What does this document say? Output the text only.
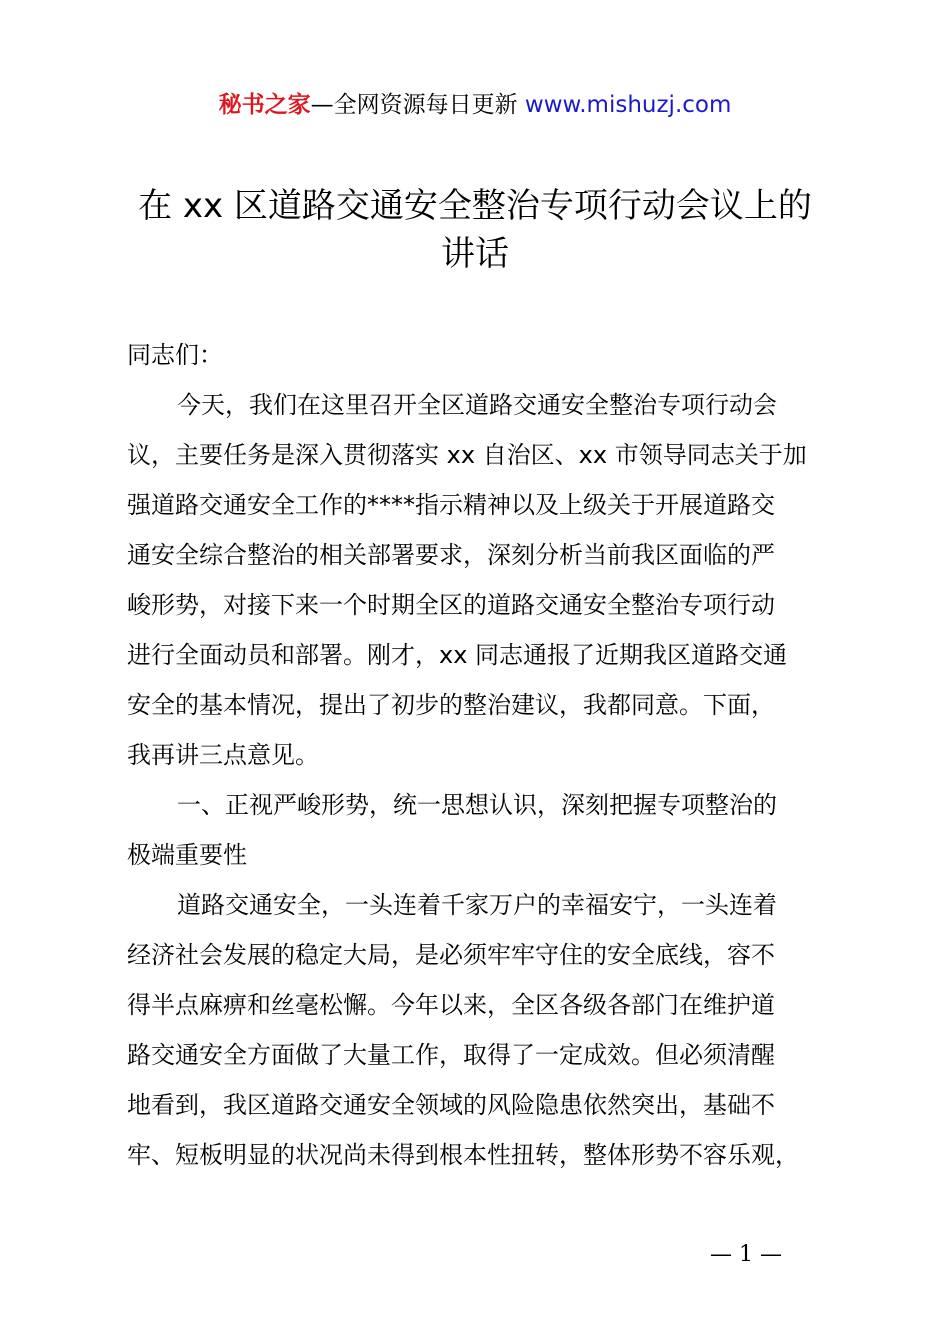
秘书之家—全网资源每日更新 www.mishuzj.com
在 xx 区道路交通安全整治专项行动会议上的
讲话
同志们：
今天，我们在这里召开全区道路交通安全整治专项行动会
议，主要任务是深入贯彻落实 xx 自治区、xx 市领导同志关于加
强道路交通安全工作的****指示精神以及上级关于开展道路交
通安全综合整治的相关部署要求，深刻分析当前我区面临的严
峻形势，对接下来一个时期全区的道路交通安全整治专项行动
进行全面动员和部署。刚才，xx 同志通报了近期我区道路交通
安全的基本情况，提出了初步的整治建议，我都同意。下面，
我再讲三点意见。
一、正视严峻形势，统一思想认识，深刻把握专项整治的
极端重要性
道路交通安全，一头连着千家万户的幸福安宁，一头连着
经济社会发展的稳定大局，是必须牢牢守住的安全底线，容不
得半点麻痹和丝毫松懈。今年以来，全区各级各部门在维护道
路交通安全方面做了大量工作，取得了一定成效。但必须清醒
地看到，我区道路交通安全领域的风险隐患依然突出，基础不
牢、短板明显的状况尚未得到根本性扭转，整体形势不容乐观，
— 1 —
